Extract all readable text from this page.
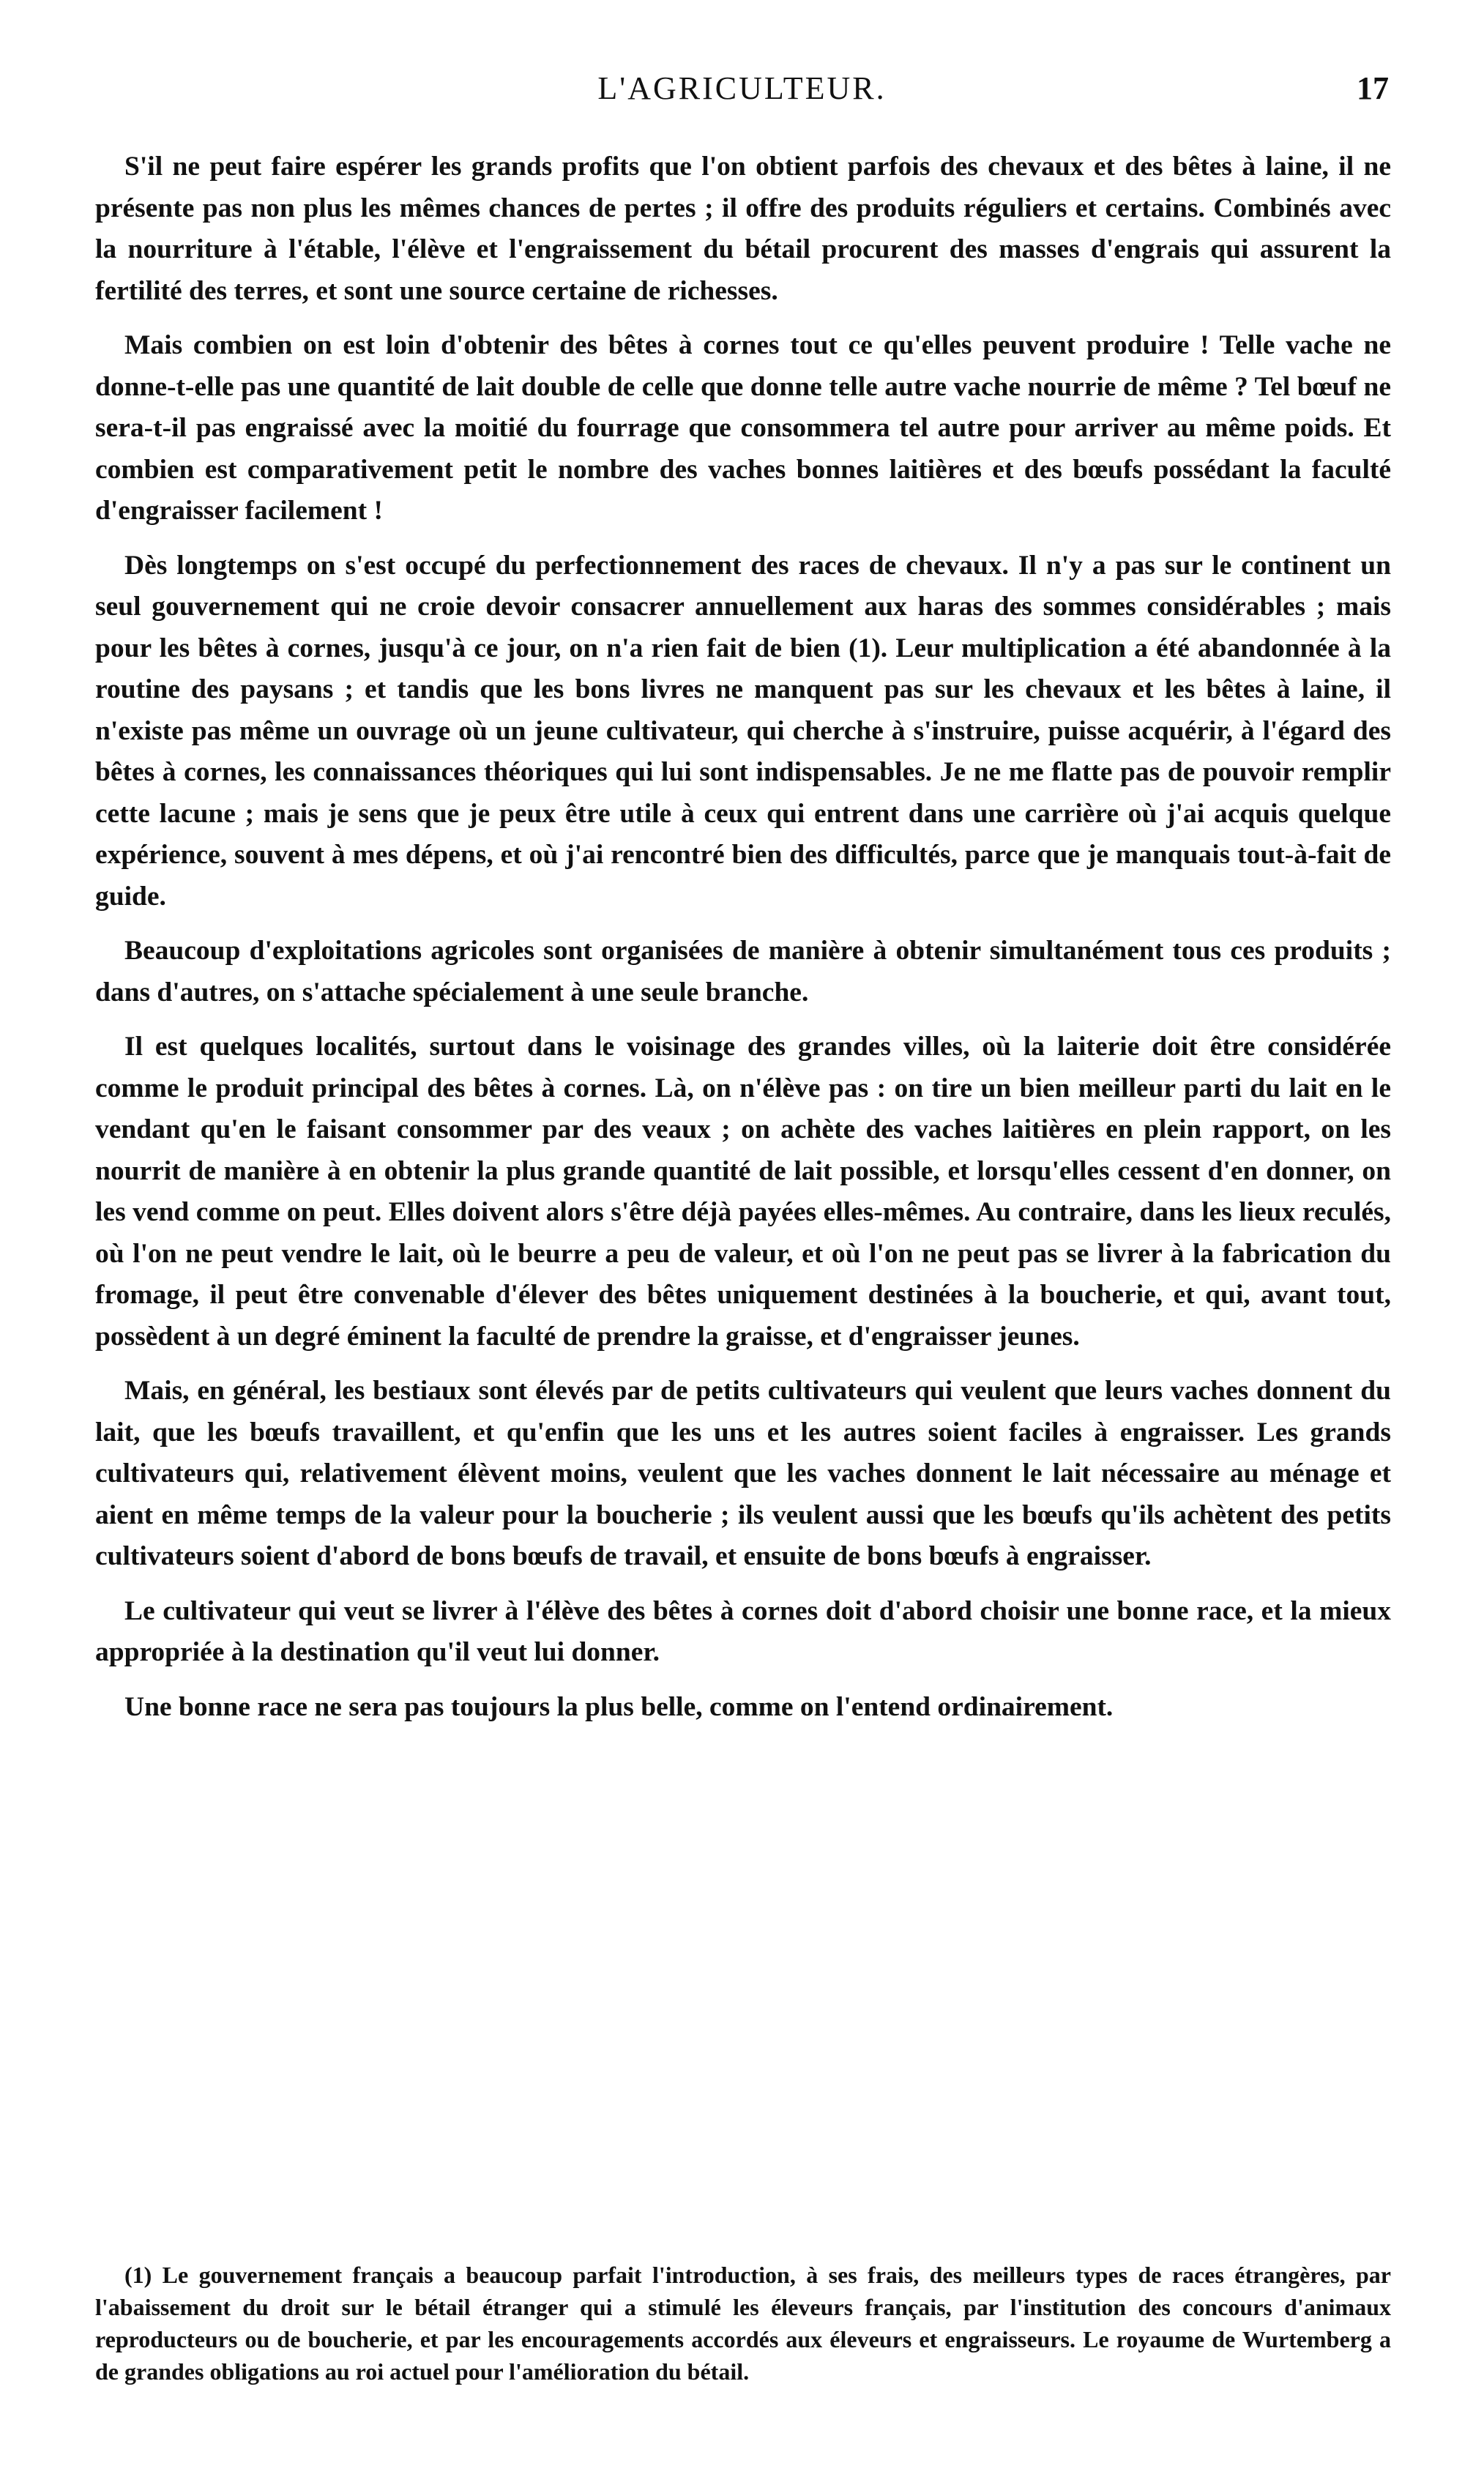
L'AGRICULTEUR.	17

S'il ne peut faire espérer les grands profits que l'on obtient parfois des chevaux et des bêtes à laine, il ne présente pas non plus les mêmes chances de pertes ; il offre des produits réguliers et certains. Combinés avec la nourriture à l'étable, l'élève et l'engraissement du bétail procurent des masses d'engrais qui assurent la fertilité des terres, et sont une source certaine de richesses.

Mais combien on est loin d'obtenir des bêtes à cornes tout ce qu'elles peuvent produire ! Telle vache ne donne-t-elle pas une quantité de lait double de celle que donne telle autre vache nourrie de même ? Tel bœuf ne sera-t-il pas engraissé avec la moitié du fourrage que consommera tel autre pour arriver au même poids. Et combien est comparativement petit le nombre des vaches bonnes laitières et des bœufs possédant la faculté d'engraisser facilement !

Dès longtemps on s'est occupé du perfectionnement des races de chevaux. Il n'y a pas sur le continent un seul gouvernement qui ne croie devoir consacrer annuellement aux haras des sommes considérables ; mais pour les bêtes à cornes, jusqu'à ce jour, on n'a rien fait de bien (1). Leur multiplication a été abandonnée à la routine des paysans ; et tandis que les bons livres ne manquent pas sur les chevaux et les bêtes à laine, il n'existe pas même un ouvrage où un jeune cultivateur, qui cherche à s'instruire, puisse acquérir, à l'égard des bêtes à cornes, les connaissances théoriques qui lui sont indispensables. Je ne me flatte pas de pouvoir remplir cette lacune ; mais je sens que je peux être utile à ceux qui entrent dans une carrière où j'ai acquis quelque expérience, souvent à mes dépens, et où j'ai rencontré bien des difficultés, parce que je manquais tout-à-fait de guide.

Beaucoup d'exploitations agricoles sont organisées de manière à obtenir simultanément tous ces produits ; dans d'autres, on s'attache spécialement à une seule branche.

Il est quelques localités, surtout dans le voisinage des grandes villes, où la laiterie doit être considérée comme le produit principal des bêtes à cornes. Là, on n'élève pas : on tire un bien meilleur parti du lait en le vendant qu'en le faisant consommer par des veaux ; on achète des vaches laitières en plein rapport, on les nourrit de manière à en obtenir la plus grande quantité de lait possible, et lorsqu'elles cessent d'en donner, on les vend comme on peut. Elles doivent alors s'être déjà payées elles-mêmes. Au contraire, dans les lieux reculés, où l'on ne peut vendre le lait, où le beurre a peu de valeur, et où l'on ne peut pas se livrer à la fabrication du fromage, il peut être convenable d'élever des bêtes uniquement destinées à la boucherie, et qui, avant tout, possèdent à un degré éminent la faculté de prendre la graisse, et d'engraisser jeunes.

Mais, en général, les bestiaux sont élevés par de petits cultivateurs qui veulent que leurs vaches donnent du lait, que les bœufs travaillent, et qu'enfin que les uns et les autres soient faciles à engraisser. Les grands cultivateurs qui, relativement élèvent moins, veulent que les vaches donnent le lait nécessaire au ménage et aient en même temps de la valeur pour la boucherie ; ils veulent aussi que les bœufs qu'ils achètent des petits cultivateurs soient d'abord de bons bœufs de travail, et ensuite de bons bœufs à engraisser.

Le cultivateur qui veut se livrer à l'élève des bêtes à cornes doit d'abord choisir une bonne race, et la mieux appropriée à la destination qu'il veut lui donner.

Une bonne race ne sera pas toujours la plus belle, comme on l'entend ordinairement.

(1) Le gouvernement français a beaucoup parfait l'introduction, à ses frais, des meilleurs types de races étrangères, par l'abaissement du droit sur le bétail étranger qui a stimulé les éleveurs français, par l'institution des concours d'animaux reproducteurs ou de boucherie, et par les encouragements accordés aux éleveurs et engraisseurs. Le royaume de Wurtemberg a de grandes obligations au roi actuel pour l'amélioration du bétail.
